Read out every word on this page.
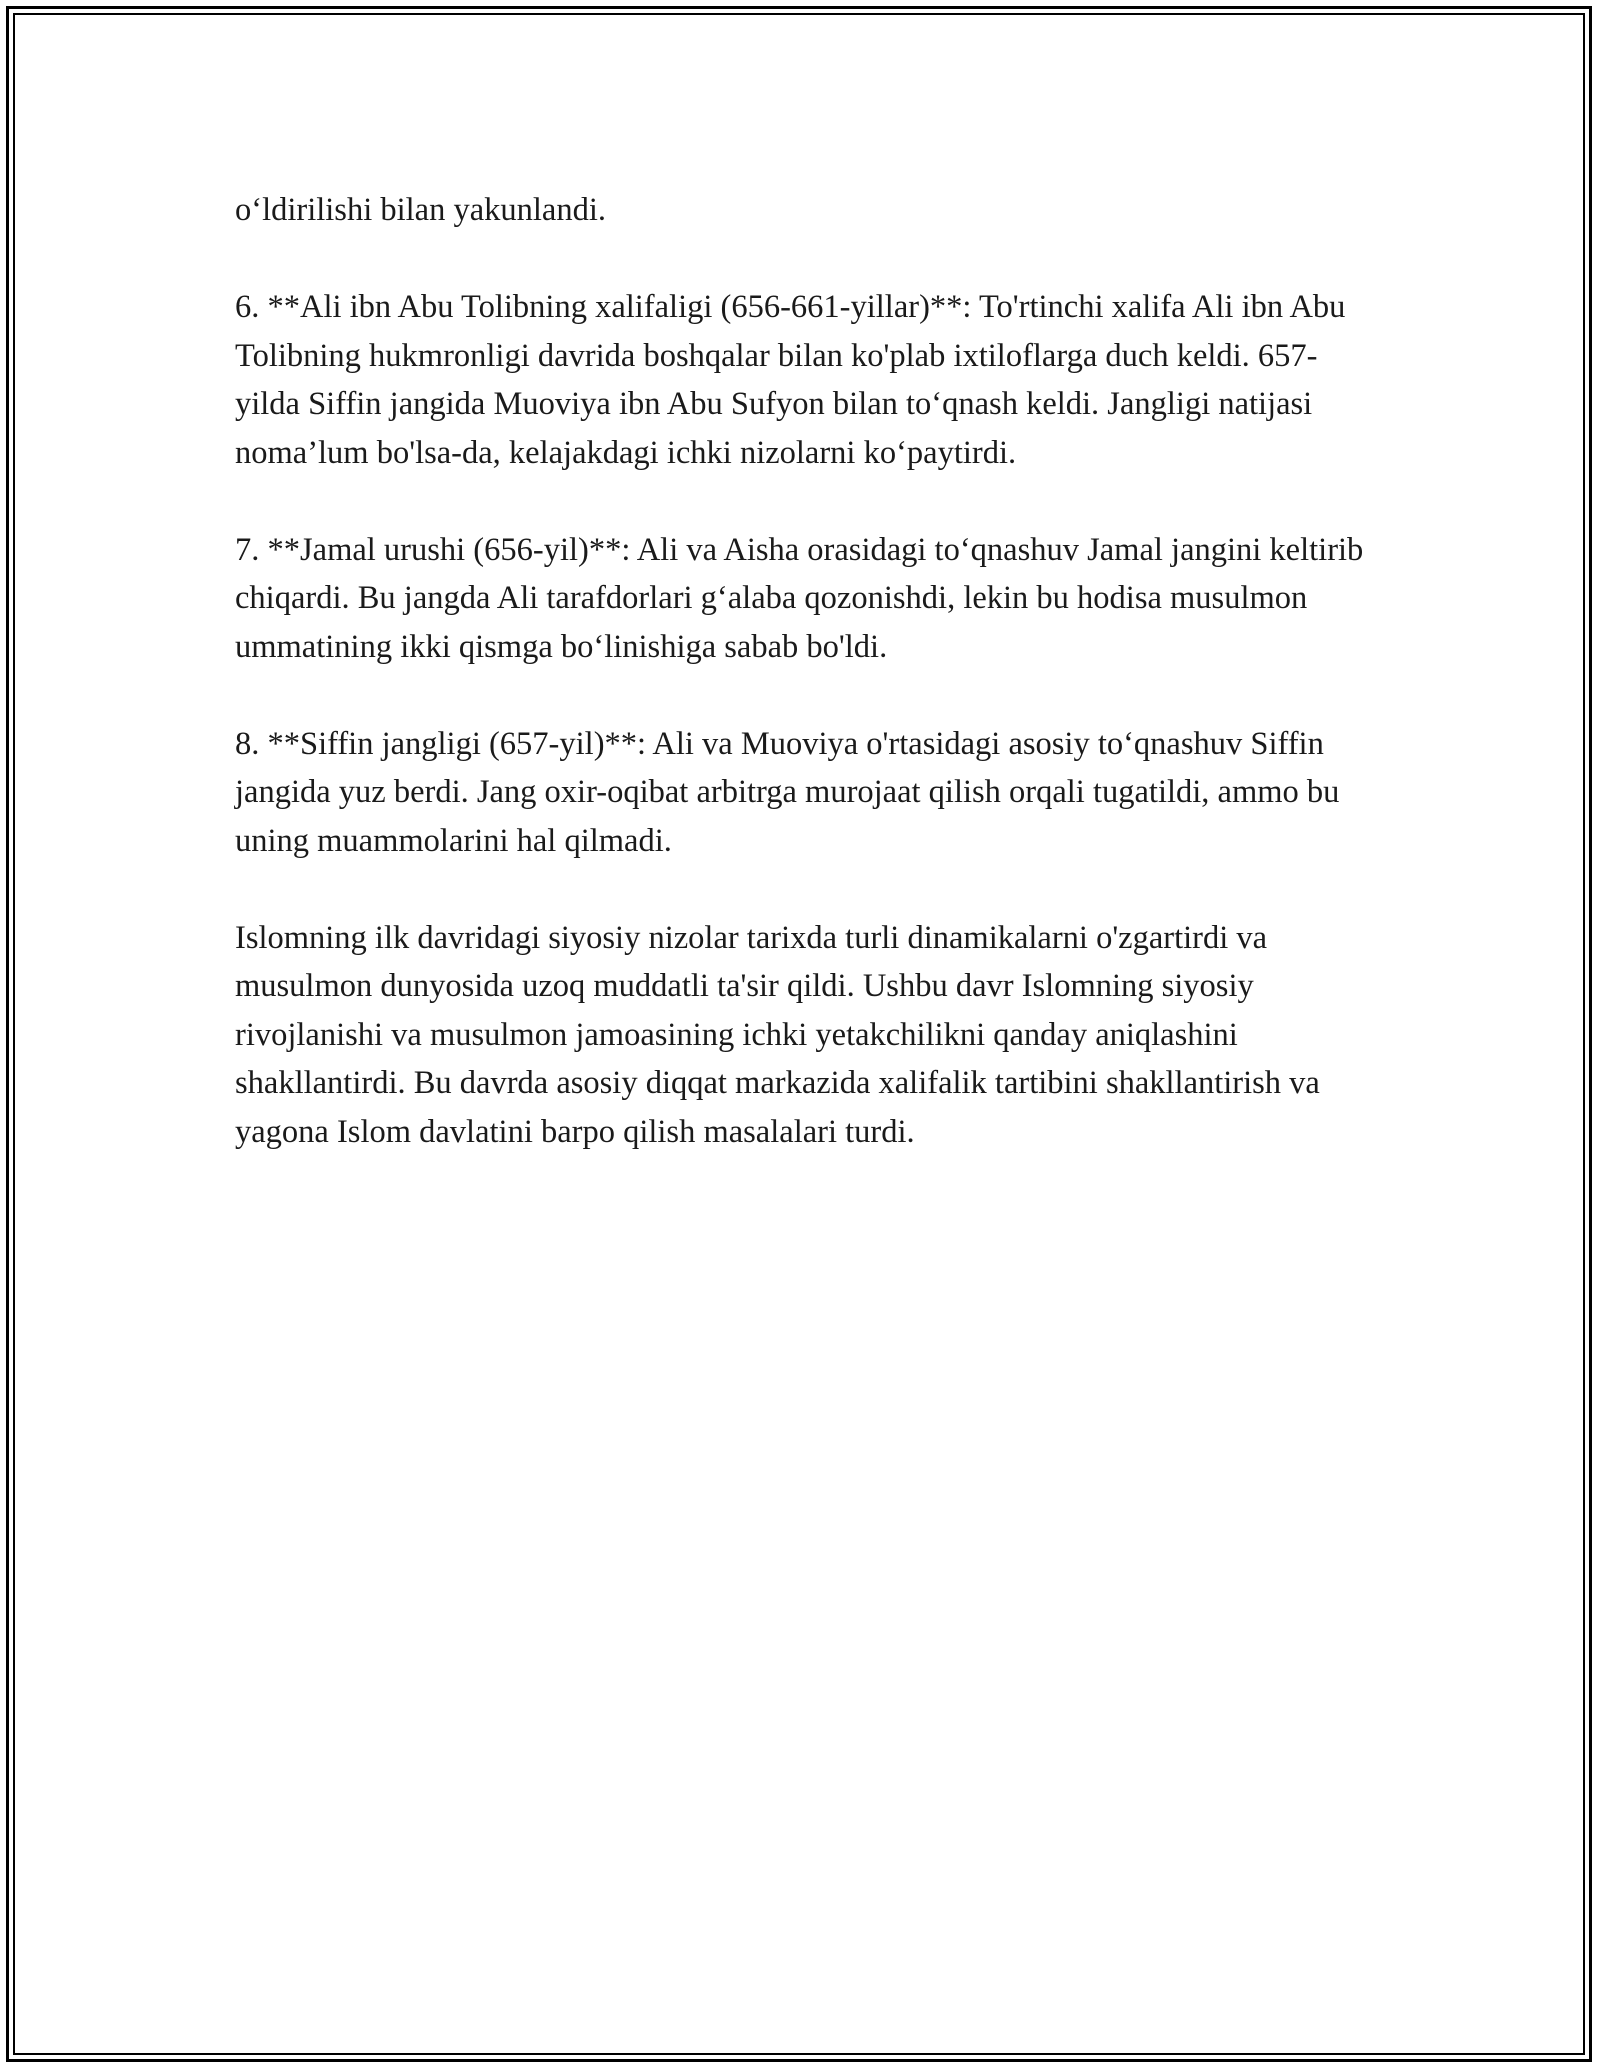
o‘ldirilishi bilan yakunlandi.

6. **Ali ibn Abu Tolibning xalifaligi (656-661-yillar)**: To'rtinchi xalifa Ali ibn Abu Tolibning hukmronligi davrida boshqalar bilan ko'plab ixtiloflarga duch keldi. 657-yilda Siffin jangida Muoviya ibn Abu Sufyon bilan to‘qnash keldi. Jangligi natijasi noma’lum bo'lsa-da, kelajakdagi ichki nizolarni ko‘paytirdi.

7. **Jamal urushi (656-yil)**: Ali va Aisha orasidagi to‘qnashuv Jamal jangini keltirib chiqardi. Bu jangda Ali tarafdorlari g‘alaba qozonishdi, lekin bu hodisa musulmon ummatining ikki qismga bo‘linishiga sabab bo'ldi.

8. **Siffin jangligi (657-yil)**: Ali va Muoviya o'rtasidagi asosiy to‘qnashuv Siffin jangida yuz berdi. Jang oxir-oqibat arbitrga murojaat qilish orqali tugatildi, ammo bu uning muammolarini hal qilmadi.

Islomning ilk davridagi siyosiy nizolar tarixda turli dinamikalarni o'zgartirdi va musulmon dunyosida uzoq muddatli ta'sir qildi. Ushbu davr Islomning siyosiy rivojlanishi va musulmon jamoasining ichki yetakchilikni qanday aniqlashini shakllantirdi. Bu davrda asosiy diqqat markazida xalifalik tartibini shakllantirish va yagona Islom davlatini barpo qilish masalalari turdi.
